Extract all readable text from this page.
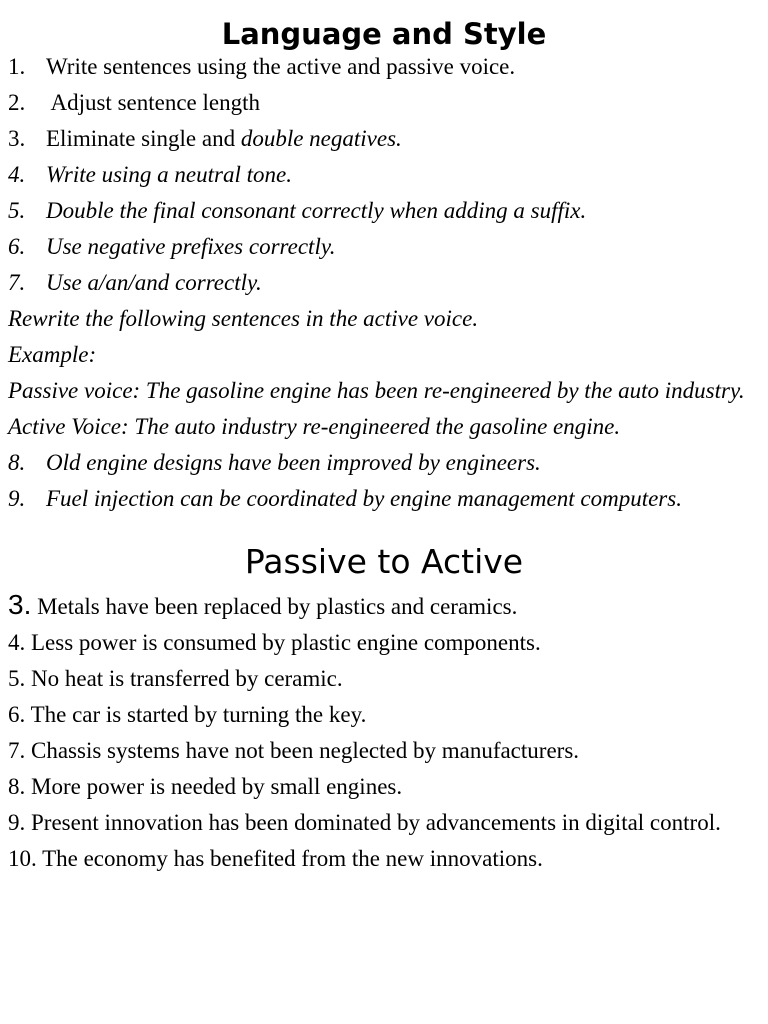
Language and Style
1. Write sentences using the active and passive voice.
2. Adjust sentence length
3. Eliminate single and double negatives.
4. Write using a neutral tone.
5. Double the final consonant correctly when adding a suffix.
6. Use negative prefixes correctly.
7. Use a/an/and correctly.

Rewrite the following sentences in the active voice.

Example:

Passive voice: The gasoline engine has been re-engineered by the auto industry.

Active Voice: The auto industry re-engineered the gasoline engine.

8. Old engine designs have been improved by engineers.
9. Fuel injection can be coordinated by engine management computers.
Passive to Active

3. Metals have been replaced by plastics and ceramics.

4. Less power is consumed by plastic engine components.

5. No heat is transferred by ceramic.

6. The car is started by turning the key.

7. Chassis systems have not been neglected by manufacturers.

8. More power is needed by small engines.

9. Present innovation has been dominated by advancements in digital control.

10. The economy has benefited from the new innovations.
